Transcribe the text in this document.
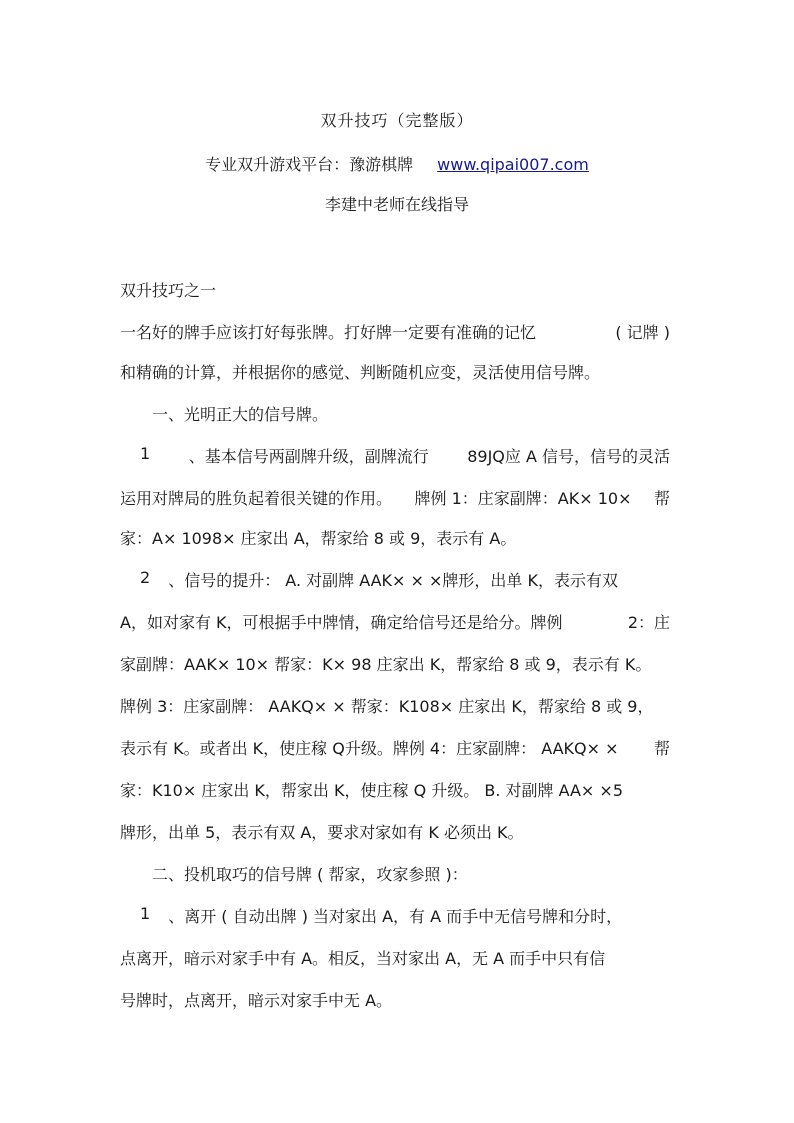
双升技巧（完整版）
专业双升游戏平台：豫游棋牌 www.qipai007.com
李建中老师在线指导
双升技巧之一
一名好的牌手应该打好每张牌。打好牌一定要有准确的记忆	( 记牌 )
和精确的计算，并根据你的感觉、判断随机应变，灵活使用信号牌。
一、光明正大的信号牌。
1 、基本信号两副牌升级，副牌流行 89JQ应 A 信号，信号的灵活
运用对牌局的胜负起着很关键的作用。 牌例 1：庄家副牌：AK× 10× 帮
家：A× 1098× 庄家出 A，帮家给 8 或 9，表示有 A。
2 、信号的提升： A. 对副牌 AAK× × ×牌形，出单 K，表示有双
A，如对家有 K，可根据手中牌情，确定给信号还是给分。牌例	2：庄
家副牌：AAK× 10× 帮家：K× 98 庄家出 K，帮家给 8 或 9，表示有 K。
牌例 3：庄家副牌： AAKQ× × 帮家：K108× 庄家出 K，帮家给 8 或 9，
表示有 K。或者出 K，使庄稼 Q升级。牌例 4：庄家副牌： AAKQ× × 帮
家：K10× 庄家出 K，帮家出 K，使庄稼 Q 升级。 B. 对副牌 AA× ×5
牌形，出单 5，表示有双 A，要求对家如有 K 必须出 K。
二、投机取巧的信号牌 ( 帮家，攻家参照 )：
1 、离开 ( 自动出牌 ) 当对家出 A，有 A 而手中无信号牌和分时，
点离开，暗示对家手中有 A。相反，当对家出 A，无 A 而手中只有信
号牌时，点离开，暗示对家手中无 A。
